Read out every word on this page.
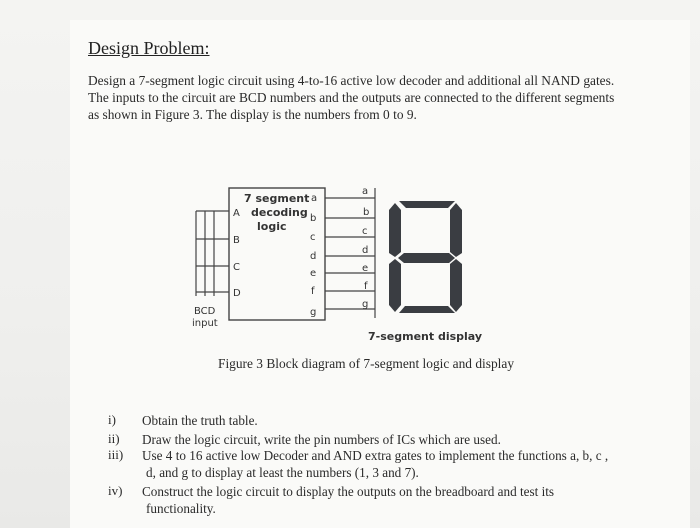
Design Problem:
Design a 7-segment logic circuit using 4-to-16 active low decoder and additional all NAND gates.
The inputs to the circuit are BCD numbers and the outputs are connected to the different segments
as shown in Figure 3. The display is the numbers from 0 to 9.
7 segment
decoding
logic
A
B
C
D
a
b
c
d
e
f
g
a
b
c
d
e
f
g
BCD
input
7-segment display
Figure 3 Block diagram of 7-segment logic and display
i)	Obtain the truth table.
ii)	Draw the logic circuit, write the pin numbers of ICs which are used.
iii)	Use 4 to 16 active low Decoder and AND extra gates to implement the functions a, b, c ,
d, and g to display at least the numbers (1, 3 and 7).
iv)	Construct the logic circuit to display the outputs on the breadboard and test its
functionality.
